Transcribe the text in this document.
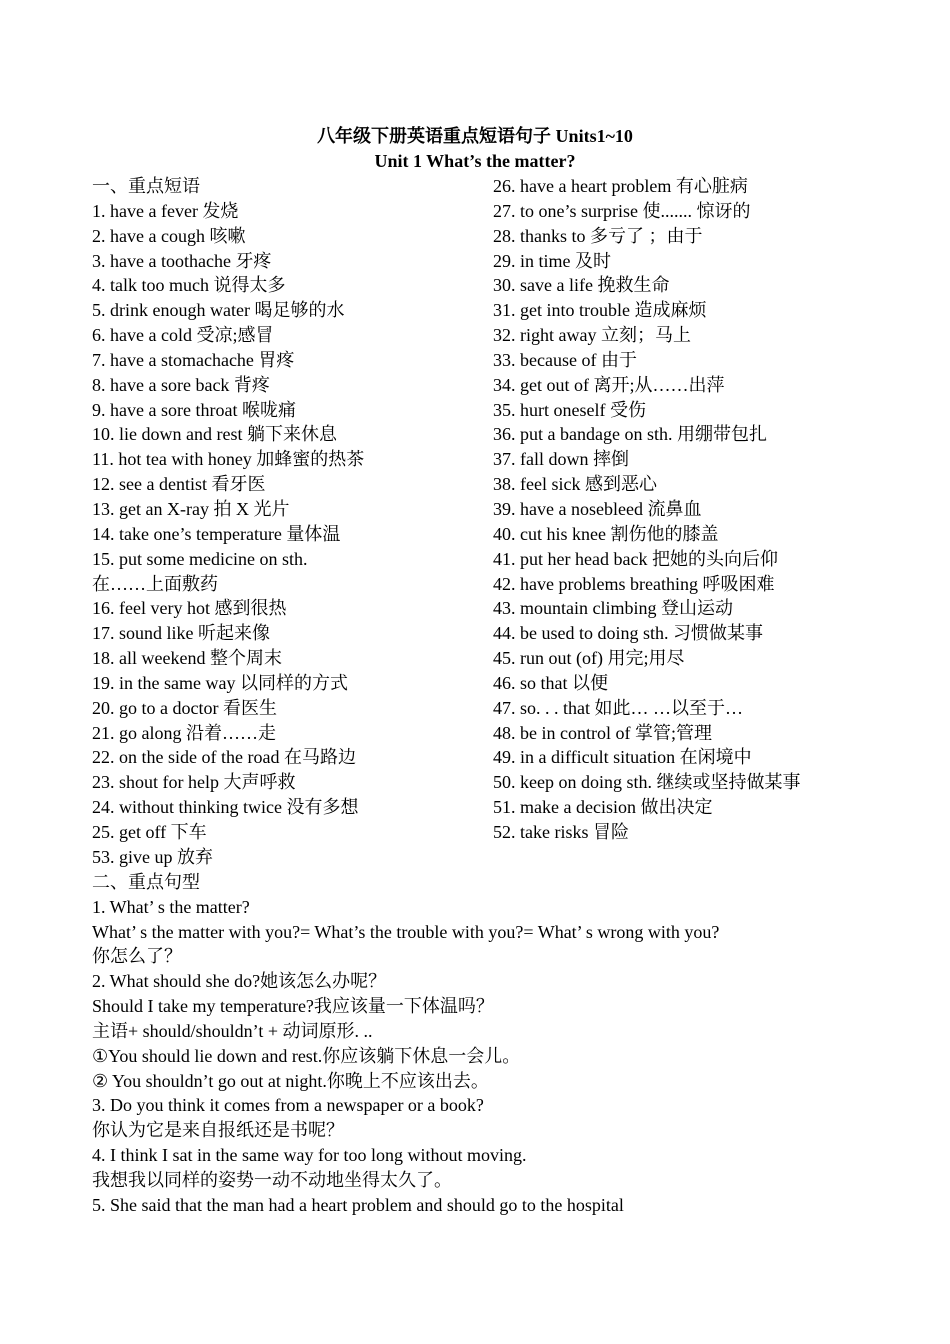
八年级下册英语重点短语句子 Units1~10
Unit 1 What’s the matter?
一、重点短语
1. have a fever 发烧
2. have a cough 咳嗽
3. have a toothache 牙疼
4. talk too much 说得太多
5. drink enough water 喝足够的水
6. have a cold 受凉;感冒
7. have a stomachache 胃疼
8. have a sore back 背疼
9. have a sore throat 喉咙痛
10. lie down and rest 躺下来休息
11. hot tea with honey 加蜂蜜的热茶
12. see a dentist 看牙医
13. get an X-ray 拍 X 光片
14. take one’s temperature 量体温
15. put some medicine on sth.
在……上面敷药
16. feel very hot 感到很热
17. sound like 听起来像
18. all weekend 整个周末
19. in the same way 以同样的方式
20. go to a doctor 看医生
21. go along 沿着……走
22. on the side of the road 在马路边
23. shout for help 大声呼救
24. without thinking twice 没有多想
25. get off 下车
26. have a heart problem 有心脏病
27. to one’s surprise 使....... 惊讶的
28. thanks to 多亏了 ；由于
29. in time 及时
30. save a life 挽救生命
31. get into trouble 造成麻烦
32. right away 立刻；马上
33. because of 由于
34. get out of 离开;从……出萍
35. hurt oneself 受伤
36. put a bandage on sth. 用绷带包扎
37. fall down 摔倒
38. feel sick 感到恶心
39. have a nosebleed 流鼻血
40. cut his knee 割伤他的膝盖
41. put her head back 把她的头向后仰
42. have problems breathing 呼吸困难
43. mountain climbing 登山运动
44. be used to doing sth. 习惯做某事
45. run out (of) 用完;用尽
46. so that 以便
47. so. . . that 如此… …以至于…
48. be in control of 掌管;管理
49. in a difficult situation 在闲境中
50. keep on doing sth. 继续或坚持做某事
51. make a decision 做出决定
52. take risks 冒险
53. give up 放弃
二、重点句型
1. What’ s the matter?
What’ s the matter with you?= What’s the trouble with you?= What’ s wrong with you?
你怎么了？
2. What should she do?她该怎么办呢？
Should I take my temperature?我应该量一下体温吗？
主语+ should/shouldn’t + 动词原形. ..
①You should lie down and rest.你应该躺下休息一会儿。
② You shouldn’t go out at night.你晚上不应该出去。
3. Do you think it comes from a newspaper or a book?
你认为它是来自报纸还是书呢？
4. I think I sat in the same way for too long without moving.
我想我以同样的姿势一动不动地坐得太久了。
5. She said that the man had a heart problem and should go to the hospital
